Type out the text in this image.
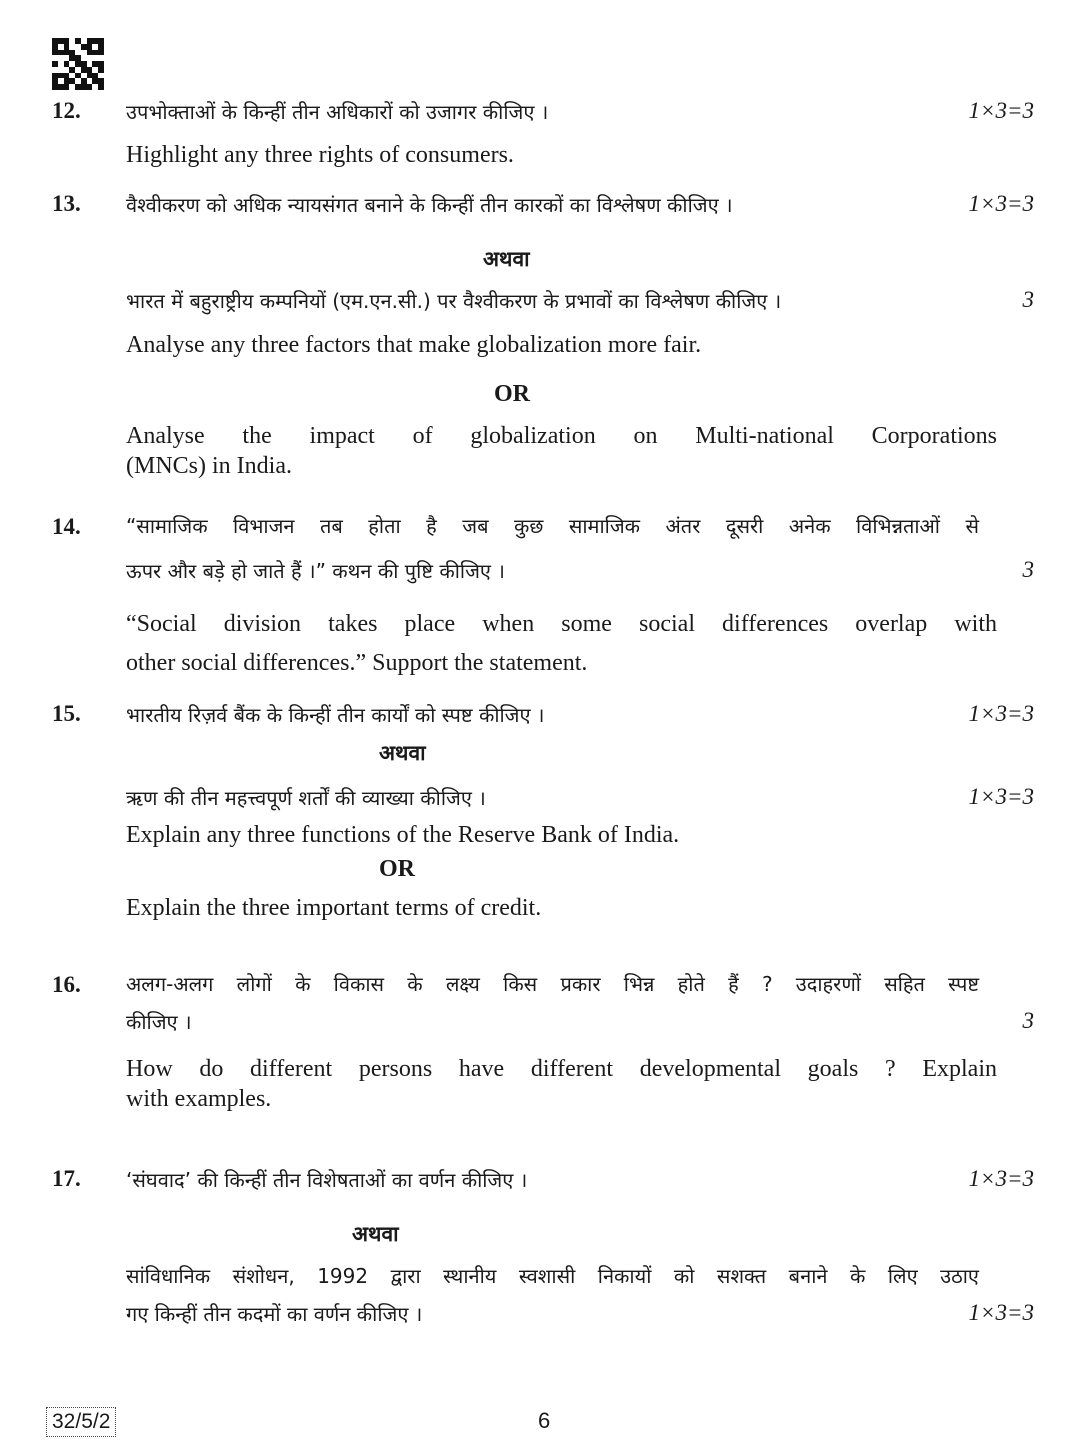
12. उपभोक्ताओं के किन्हीं तीन अधिकारों को उजागर कीजिए ।	1×3=3
Highlight any three rights of consumers.
13. वैश्वीकरण को अधिक न्यायसंगत बनाने के किन्हीं तीन कारकों का विश्लेषण कीजिए ।	1×3=3
अथवा
भारत में बहुराष्ट्रीय कम्पनियों (एम.एन.सी.) पर वैश्वीकरण के प्रभावों का विश्लेषण कीजिए ।	3
Analyse any three factors that make globalization more fair.
OR
Analyse the impact of globalization on Multi-national Corporations
(MNCs) in India.
14. “सामाजिक विभाजन तब होता है जब कुछ सामाजिक अंतर दूसरी अनेक विभिन्नताओं से
ऊपर और बड़े हो जाते हैं ।” कथन की पुष्टि कीजिए ।	3
“Social division takes place when some social differences overlap with
other social differences.” Support the statement.
15. भारतीय रिज़र्व बैंक के किन्हीं तीन कार्यों को स्पष्ट कीजिए ।	1×3=3
अथवा
ऋण की तीन महत्त्वपूर्ण शर्तों की व्याख्या कीजिए ।	1×3=3
Explain any three functions of the Reserve Bank of India.
OR
Explain the three important terms of credit.
16. अलग-अलग लोगों के विकास के लक्ष्य किस प्रकार भिन्न होते हैं ? उदाहरणों सहित स्पष्ट
कीजिए ।	3
How do different persons have different developmental goals ? Explain
with examples.
17. ‘संघवाद’ की किन्हीं तीन विशेषताओं का वर्णन कीजिए ।	1×3=3
अथवा
सांविधानिक संशोधन, 1992 द्वारा स्थानीय स्वशासी निकायों को सशक्त बनाने के लिए उठाए
गए किन्हीं तीन कदमों का वर्णन कीजिए ।	1×3=3
32/5/2	6
